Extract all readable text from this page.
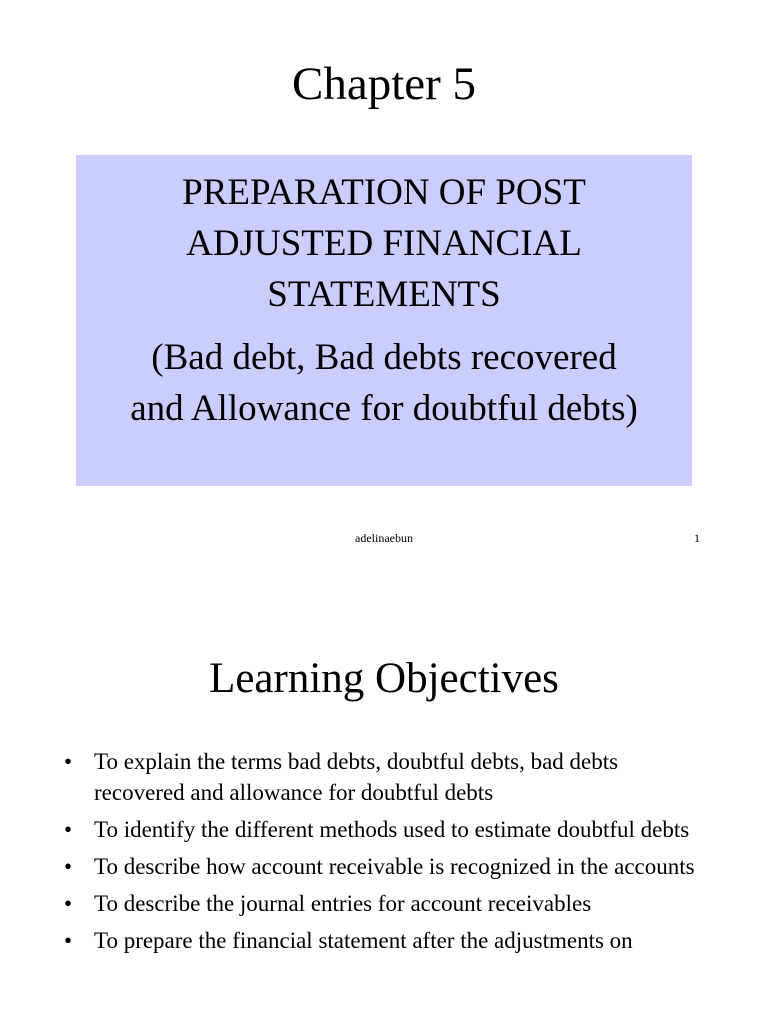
Chapter 5
PREPARATION OF POST
ADJUSTED FINANCIAL
STATEMENTS
(Bad debt, Bad debts recovered
and Allowance for doubtful debts)
adelinaebun	1
Learning Objectives
• To explain the terms bad debts, doubtful debts, bad debts recovered and allowance for doubtful debts
• To identify the different methods used to estimate doubtful debts
• To describe how account receivable is recognized in the accounts
• To describe the journal entries for account receivables
• To prepare the financial statement after the adjustments on
